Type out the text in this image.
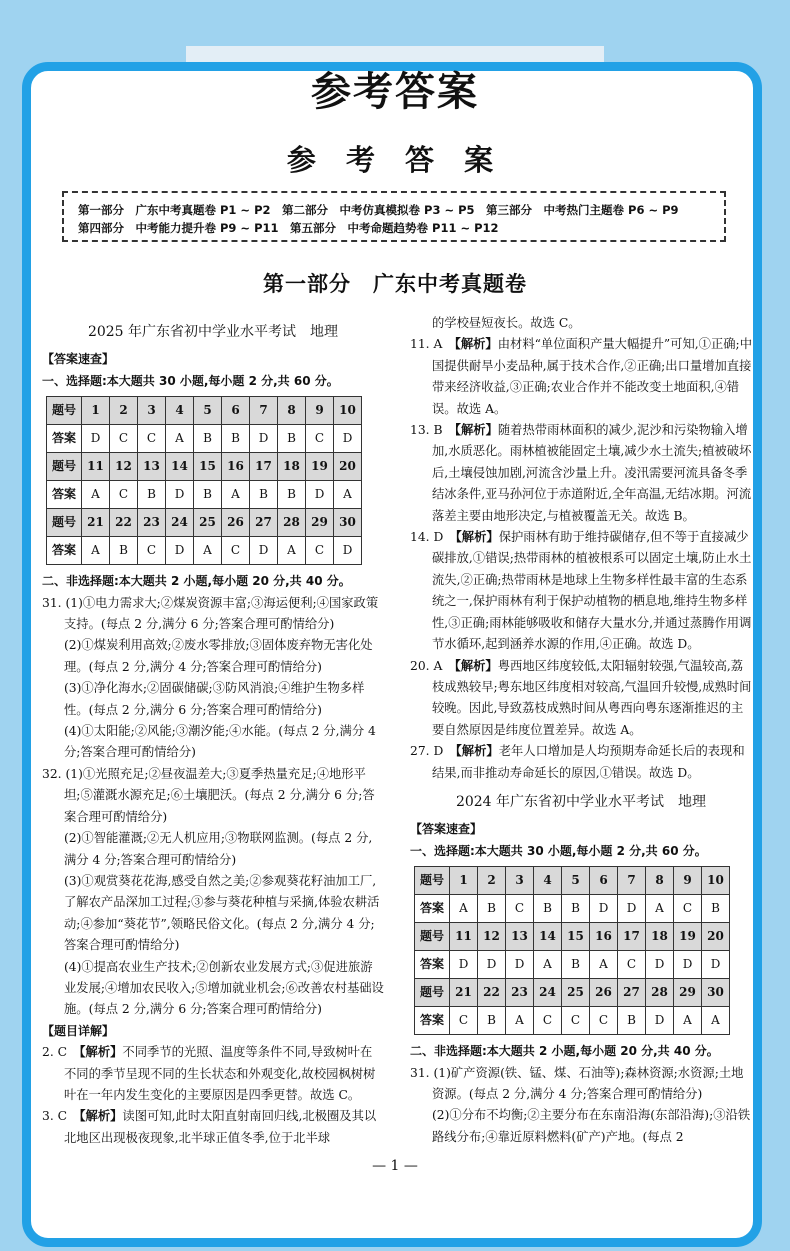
参考答案
参 考 答 案
第一部分　广东中考真题卷 P1 ~ P2　 第二部分　中考仿真模拟卷 P3 ~ P5　 第三部分　中考热门主题卷 P6 ~ P9
第四部分　中考能力提升卷 P9 ~ P11　 第五部分　中考命题趋势卷 P11 ~ P12
第一部分　广东中考真题卷
2025 年广东省初中学业水平考试　地理

【答案速查】

一、选择题:本大题共 30 小题,每小题 2 分,共 60 分。

题号	1	2	3	4	5	6	7	8	9	10
答案	D	C	C	A	B	B	D	B	C	D
题号	11	12	13	14	15	16	17	18	19	20
答案	A	C	B	D	B	A	B	B	D	A
题号	21	22	23	24	25	26	27	28	29	30
答案	A	B	C	D	A	C	D	A	C	D

二、非选择题:本大题共 2 小题,每小题 20 分,共 40 分。

31. (1)①电力需求大;②煤炭资源丰富;③海运便利;④国家政策支持。(每点 2 分,满分 6 分;答案合理可酌情给分)

(2)①煤炭利用高效;②废水零排放;③固体废弃物无害化处理。(每点 2 分,满分 4 分;答案合理可酌情给分)

(3)①净化海水;②固碳储碳;③防风消浪;④维护生物多样性。(每点 2 分,满分 6 分;答案合理可酌情给分)

(4)①太阳能;②风能;③潮汐能;④水能。(每点 2 分,满分 4 分;答案合理可酌情给分)

32. (1)①光照充足;②昼夜温差大;③夏季热量充足;④地形平坦;⑤灌溉水源充足;⑥土壤肥沃。(每点 2 分,满分 6 分;答案合理可酌情给分)

(2)①智能灌溉;②无人机应用;③物联网监测。(每点 2 分,满分 4 分;答案合理可酌情给分)

(3)①观赏葵花花海,感受自然之美;②参观葵花籽油加工厂,了解农产品深加工过程;③参与葵花种植与采摘,体验农耕活动;④参加“葵花节”,领略民俗文化。(每点 2 分,满分 4 分;答案合理可酌情给分)

(4)①提高农业生产技术;②创新农业发展方式;③促进旅游业发展;④增加农民收入;⑤增加就业机会;⑥改善农村基础设施。(每点 2 分,满分 6 分;答案合理可酌情给分)

【题目详解】

2. C　 【解析】不同季节的光照、温度等条件不同,导致树叶在不同的季节呈现不同的生长状态和外观变化,故校园枫树树叶在一年内发生变化的主要原因是四季更替。故选 C。

3. C　 【解析】读图可知,此时太阳直射南回归线,北极圈及其以北地区出现极夜现象,北半球正值冬季,位于北半球

的学校昼短夜长。故选 C。

11. A　 【解析】由材料“单位面积产量大幅提升”可知,①正确;中国提供耐旱小麦品种,属于技术合作,②正确;出口量增加直接带来经济收益,③正确;农业合作并不能改变土地面积,④错误。故选 A。

13. B　 【解析】随着热带雨林面积的减少,泥沙和污染物输入增加,水质恶化。雨林植被能固定土壤,减少水土流失;植被破坏后,土壤侵蚀加剧,河流含沙量上升。凌汛需要河流具备冬季结冰条件,亚马孙河位于赤道附近,全年高温,无结冰期。河流落差主要由地形决定,与植被覆盖无关。故选 B。

14. D　 【解析】保护雨林有助于维持碳储存,但不等于直接减少碳排放,①错误;热带雨林的植被根系可以固定土壤,防止水土流失,②正确;热带雨林是地球上生物多样性最丰富的生态系统之一,保护雨林有利于保护动植物的栖息地,维持生物多样性,③正确;雨林能够吸收和储存大量水分,并通过蒸腾作用调节水循环,起到涵养水源的作用,④正确。故选 D。

20. A　 【解析】粤西地区纬度较低,太阳辐射较强,气温较高,荔枝成熟较早;粤东地区纬度相对较高,气温回升较慢,成熟时间较晚。因此,导致荔枝成熟时间从粤西向粤东逐渐推迟的主要自然原因是纬度位置差异。故选 A。

27. D　 【解析】老年人口增加是人均预期寿命延长后的表现和结果,而非推动寿命延长的原因,①错误。故选 D。

2024 年广东省初中学业水平考试　地理

【答案速查】

一、选择题:本大题共 30 小题,每小题 2 分,共 60 分。

题号	1	2	3	4	5	6	7	8	9	10
答案	A	B	C	B	B	D	D	A	C	B
题号	11	12	13	14	15	16	17	18	19	20
答案	D	D	D	A	B	A	C	D	D	D
题号	21	22	23	24	25	26	27	28	29	30
答案	C	B	A	C	C	C	B	D	A	A

二、非选择题:本大题共 2 小题,每小题 20 分,共 40 分。

31. (1)矿产资源(铁、锰、煤、石油等);森林资源;水资源;土地资源。(每点 2 分,满分 4 分;答案合理可酌情给分)

(2)①分布不均衡;②主要分布在东南沿海(东部沿海);③沿铁路线分布;④靠近原料燃料(矿产)产地。(每点 2

— 1 —
